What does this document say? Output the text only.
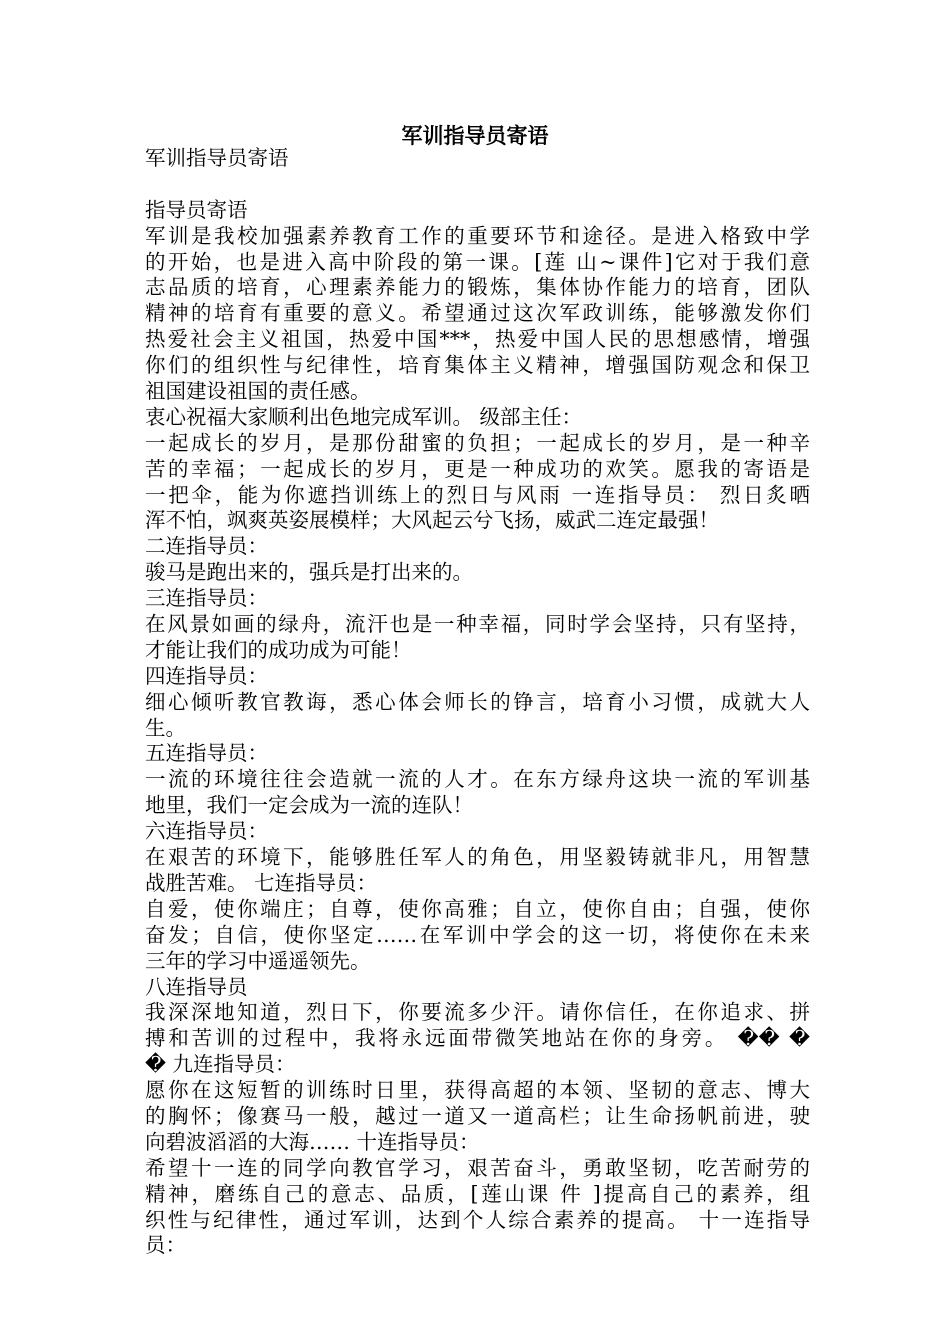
军训指导员寄语
军训指导员寄语
指导员寄语
军训是我校加强素养教育工作的重要环节和途径。是进入格致中学
的开始，也是进入高中阶段的第一课。[莲 山~课件]它对于我们意
志品质的培育，心理素养能力的锻炼，集体协作能力的培育，团队
精神的培育有重要的意义。希望通过这次军政训练，能够激发你们
热爱社会主义祖国，热爱中国***，热爱中国人民的思想感情，增强
你们的组织性与纪律性，培育集体主义精神，增强国防观念和保卫
祖国建设祖国的责任感。
衷心祝福大家顺利出色地完成军训。 级部主任：
一起成长的岁月，是那份甜蜜的负担；一起成长的岁月，是一种辛
苦的幸福；一起成长的岁月，更是一种成功的欢笑。愿我的寄语是
一把伞，能为你遮挡训练上的烈日与风雨 一连指导员： 烈日炙晒
浑不怕，飒爽英姿展模样；大风起云兮飞扬，威武二连定最强！
二连指导员：
骏马是跑出来的，强兵是打出来的。
三连指导员：
在风景如画的绿舟，流汗也是一种幸福，同时学会坚持，只有坚持，
才能让我们的成功成为可能！
四连指导员：
细心倾听教官教诲，悉心体会师长的铮言，培育小习惯，成就大人
生。
五连指导员：
一流的环境往往会造就一流的人才。在东方绿舟这块一流的军训基
地里，我们一定会成为一流的连队！
六连指导员：
在艰苦的环境下，能够胜任军人的角色，用坚毅铸就非凡，用智慧
战胜苦难。 七连指导员：
自爱，使你端庄；自尊，使你高雅；自立，使你自由；自强，使你
奋发；自信，使你坚定……在军训中学会的这一切，将使你在未来
三年的学习中遥遥领先。
八连指导员
我深深地知道，烈日下，你要流多少汗。请你信任，在你追求、拼
搏和苦训的过程中，我将永远面带微笑地站在你的身旁。 �� �
� 九连指导员：
愿你在这短暂的训练时日里，获得高超的本领、坚韧的意志、博大
的胸怀；像赛马一般，越过一道又一道高栏；让生命扬帆前进，驶
向碧波滔滔的大海…… 十连指导员：
希望十一连的同学向教官学习，艰苦奋斗，勇敢坚韧，吃苦耐劳的
精神，磨练自己的意志、品质，[莲山课 件 ]提高自己的素养，组
织性与纪律性，通过军训，达到个人综合素养的提高。 十一连指导
员：
